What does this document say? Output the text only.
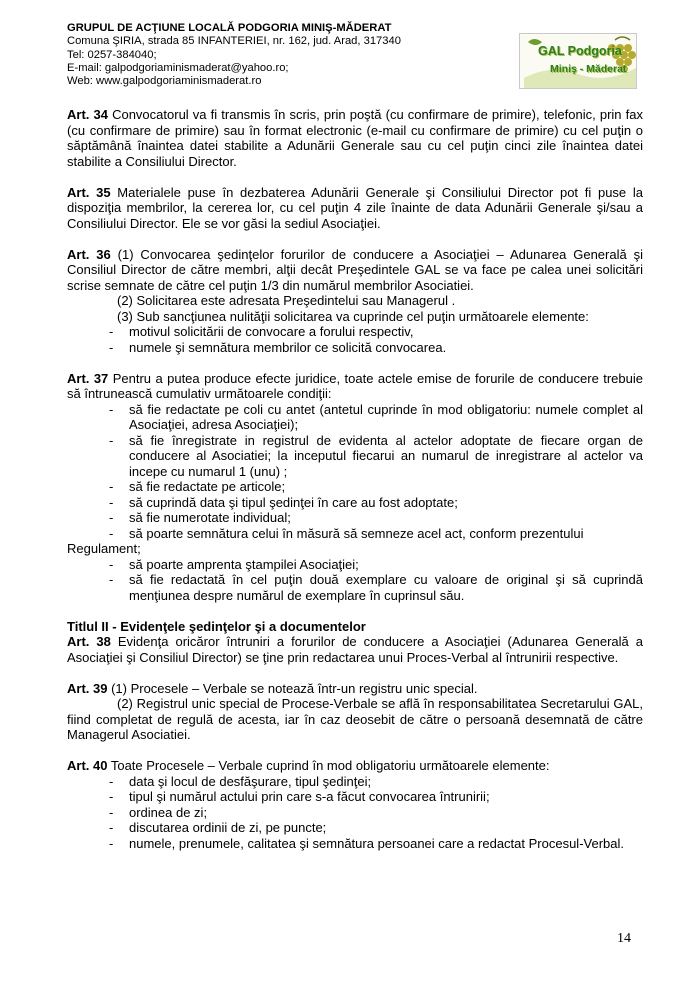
GRUPUL DE ACŢIUNE LOCALĂ PODGORIA MINIŞ-MĂDERAT
Comuna ŞIRIA, strada 85 INFANTERIEI, nr. 162, jud. Arad, 317340
Tel: 0257-384040;
E-mail: galpodgoriaminismaderat@yahoo.ro;
Web: www.galpodgoriaminismaderat.ro
GAL Podgoria
Miniş - Măderat

Art. 34 Convocatorul va fi transmis în scris, prin poştă (cu confirmare de primire), telefonic, prin fax (cu confirmare de primire) sau în format electronic (e-mail cu confirmare de primire) cu cel puţin o săptămână înaintea datei stabilite a Adunării Generale sau cu cel puţin cinci zile înaintea datei stabilite a Consiliului Director.

Art. 35 Materialele puse în dezbaterea Adunării Generale şi Consiliului Director pot fi puse la dispoziţia membrilor, la cererea lor, cu cel puţin 4 zile înainte de data Adunării Generale şi/sau a Consiliului Director. Ele se vor găsi la sediul Asociaţiei.

Art. 36 (1) Convocarea şedinţelor forurilor de conducere a Asociaţiei – Adunarea Generală şi Consiliul Director de către membri, alţii decât Preşedintele GAL se va face pe calea unei solicitări scrise semnate de către cel puţin 1/3 din numărul membrilor Asociatiei.

(2) Solicitarea este adresata Preşedintelui sau Managerul .
(3) Sub sancţiunea nulităţii solicitarea va cuprinde cel puţin următoarele elemente:
- motivul solicitării de convocare a forului respectiv,
- numele şi semnătura membrilor ce solicită convocarea.

Art. 37 Pentru a putea produce efecte juridice, toate actele emise de forurile de conducere trebuie să întrunească cumulativ următoarele condiţii:

- să fie redactate pe coli cu antet (antetul cuprinde în mod obligatoriu: numele complet al Asociaţiei, adresa Asociaţiei);
- să fie înregistrate in registrul de evidenta al actelor adoptate de fiecare organ de conducere al Asociatiei; la inceputul fiecarui an numarul de inregistrare al actelor va incepe cu numarul 1 (unu) ;
- să fie redactate pe articole;
- să cuprindă data şi tipul şedinţei în care au fost adoptate;
- să fie numerotate individual;
- să poarte semnătura celui în măsură să semneze acel act, conform prezentului
Regulament;
- să poarte amprenta ştampilei Asociaţiei;
- să fie redactată în cel puţin două exemplare cu valoare de original şi să cuprindă menţiunea despre numărul de exemplare în cuprinsul său.
Titlul II - Evidenţele şedinţelor şi a documentelor

Art. 38 Evidenţa oricăror întruniri a forurilor de conducere a Asociaţiei (Adunarea Generală a Asociaţiei şi Consiliul Director) se ţine prin redactarea unui Proces-Verbal al întrunirii respective.

Art. 39 (1) Procesele – Verbale se notează într-un registru unic special.

(2) Registrul unic special de Procese-Verbale se află în responsabilitatea Secretarului GAL, fiind completat de regulă de acesta, iar în caz deosebit de către o persoană desemnată de către Managerul Asociatiei.

Art. 40 Toate Procesele – Verbale cuprind în mod obligatoriu următoarele elemente:

- data şi locul de desfăşurare, tipul şedinţei;
- tipul şi numărul actului prin care s-a făcut convocarea întrunirii;
- ordinea de zi;
- discutarea ordinii de zi, pe puncte;
- numele, prenumele, calitatea şi semnătura persoanei care a redactat Procesul-Verbal.
14
